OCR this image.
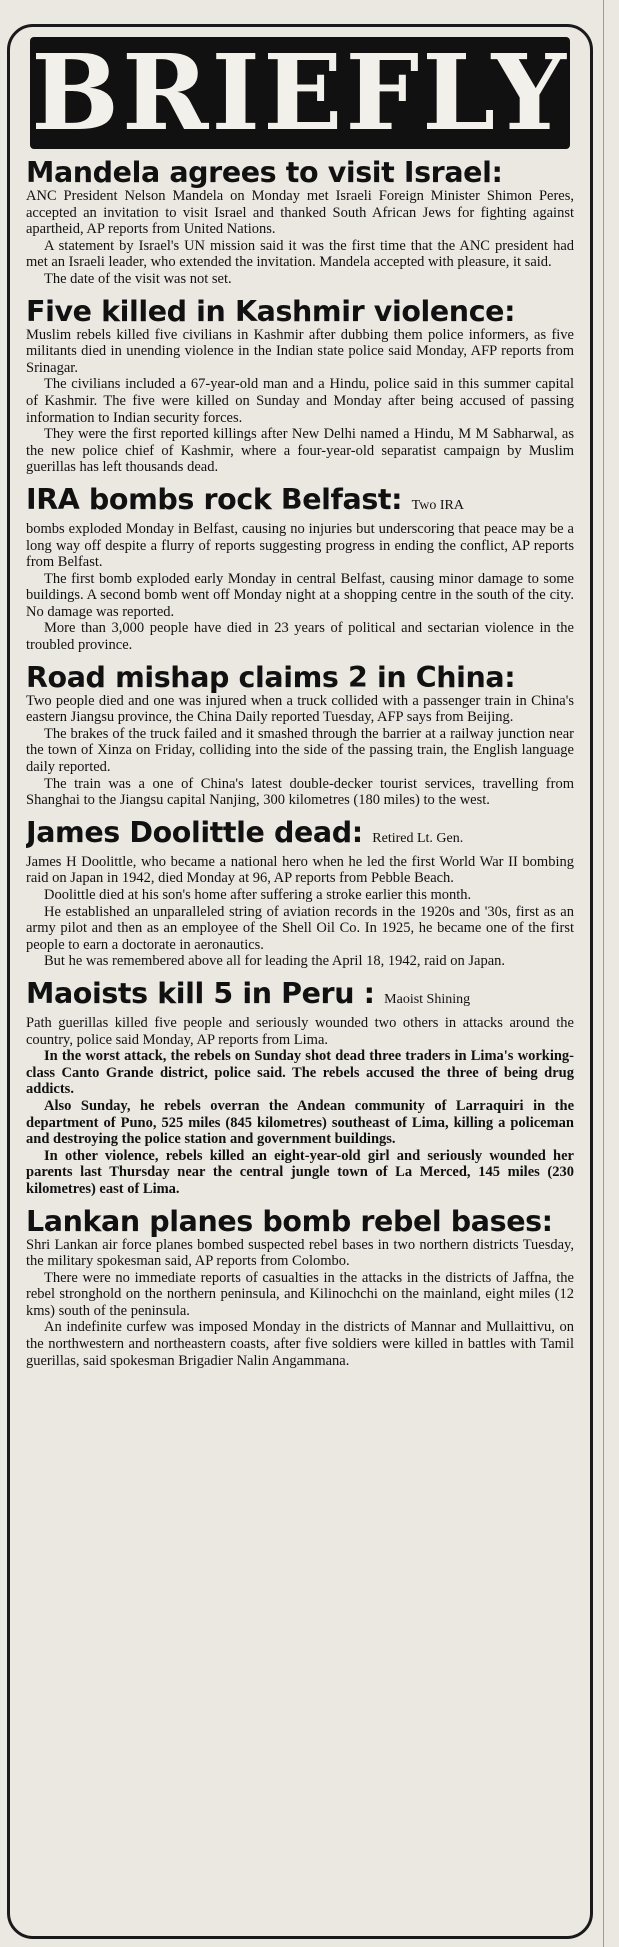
BRIEFLY
Mandela agrees to visit Israel:

ANC President Nelson Mandela on Monday met Israeli Foreign Minister Shimon Peres, accepted an invitation to visit Israel and thanked South African Jews for fighting against apartheid, AP reports from United Nations.

A statement by Israel's UN mission said it was the first time that the ANC president had met an Israeli leader, who extended the invitation. Mandela accepted with pleasure, it said.

The date of the visit was not set.

Five killed in Kashmir violence:

Muslim rebels killed five civilians in Kashmir after dubbing them police informers, as five militants died in unending violence in the Indian state police said Monday, AFP reports from Srinagar.

The civilians included a 67-year-old man and a Hindu, police said in this summer capital of Kashmir. The five were killed on Sunday and Monday after being accused of passing information to Indian security forces.

They were the first reported killings after New Delhi named a Hindu, M M Sabharwal, as the new police chief of Kashmir, where a four-year-old separatist campaign by Muslim guerillas has left thousands dead.

IRA bombs rock Belfast: Two IRA

bombs exploded Monday in Belfast, causing no injuries but underscoring that peace may be a long way off despite a flurry of reports suggesting progress in ending the conflict, AP reports from Belfast.

The first bomb exploded early Monday in central Belfast, causing minor damage to some buildings. A second bomb went off Monday night at a shopping centre in the south of the city. No damage was reported.

More than 3,000 people have died in 23 years of political and sectarian violence in the troubled province.

Road mishap claims 2 in China:

Two people died and one was injured when a truck collided with a passenger train in China's eastern Jiangsu province, the China Daily reported Tuesday, AFP says from Beijing.

The brakes of the truck failed and it smashed through the barrier at a railway junction near the town of Xinza on Friday, colliding into the side of the passing train, the English language daily reported.

The train was a one of China's latest double-decker tourist services, travelling from Shanghai to the Jiangsu capital Nanjing, 300 kilometres (180 miles) to the west.

James Doolittle dead: Retired Lt. Gen.

James H Doolittle, who became a national hero when he led the first World War II bombing raid on Japan in 1942, died Monday at 96, AP reports from Pebble Beach.

Doolittle died at his son's home after suffering a stroke earlier this month.

He established an unparalleled string of aviation records in the 1920s and '30s, first as an army pilot and then as an employee of the Shell Oil Co. In 1925, he became one of the first people to earn a doctorate in aeronautics.

But he was remembered above all for leading the April 18, 1942, raid on Japan.

Maoists kill 5 in Peru : Maoist Shining

Path guerillas killed five people and seriously wounded two others in attacks around the country, police said Monday, AP reports from Lima.

In the worst attack, the rebels on Sunday shot dead three traders in Lima's working-class Canto Grande district, police said. The rebels accused the three of being drug addicts.

Also Sunday, he rebels overran the Andean community of Larraquiri in the department of Puno, 525 miles (845 kilometres) southeast of Lima, killing a policeman and destroying the police station and government buildings.

In other violence, rebels killed an eight-year-old girl and seriously wounded her parents last Thursday near the central jungle town of La Merced, 145 miles (230 kilometres) east of Lima.

Lankan planes bomb rebel bases:

Shri Lankan air force planes bombed suspected rebel bases in two northern districts Tuesday, the military spokesman said, AP reports from Colombo.

There were no immediate reports of casualties in the attacks in the districts of Jaffna, the rebel stronghold on the northern peninsula, and Kilinochchi on the mainland, eight miles (12 kms) south of the peninsula.

An indefinite curfew was imposed Monday in the districts of Mannar and Mullaittivu, on the northwestern and northeastern coasts, after five soldiers were killed in battles with Tamil guerillas, said spokesman Brigadier Nalin Angammana.
